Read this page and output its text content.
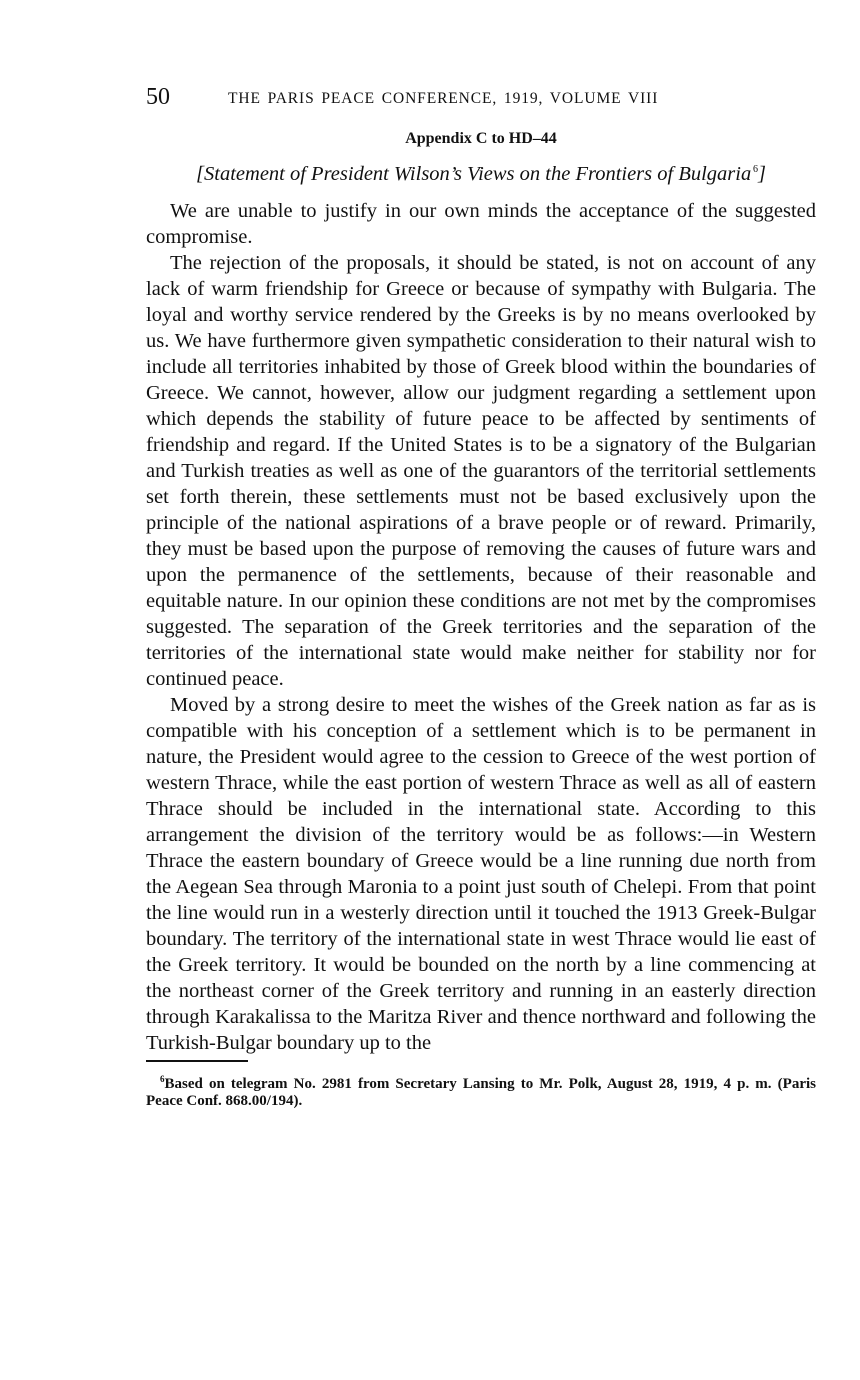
50	THE PARIS PEACE CONFERENCE, 1919, VOLUME VIII
Appendix C to HD–44
[Statement of President Wilson’s Views on the Frontiers of Bulgaria  $^6$]

We are unable to justify in our own minds the acceptance of the suggested compromise.

The rejection of the proposals, it should be stated, is not on account of any lack of warm friendship for Greece or because of sympathy with Bulgaria. The loyal and worthy service rendered by the Greeks is by no means overlooked by us. We have furthermore given sympathetic consideration to their natural wish to include all territories inhabited by those of Greek blood within the boundaries of Greece. We cannot, however, allow our judgment regarding a settlement upon which depends the stability of future peace to be affected by sentiments of friendship and regard. If the United States is to be a signatory of the Bulgarian and Turkish treaties as well as one of the guarantors of the territorial settlements set forth therein, these settlements must not be based exclusively upon the principle of the national aspirations of a brave people or of reward. Primarily, they must be based upon the purpose of removing the causes of future wars and upon the permanence of the settlements, because of their reasonable and equitable nature. In our opinion these conditions are not met by the compromises suggested. The separation of the Greek territories and the separation of the territories of the international state would make neither for stability nor for continued peace.

Moved by a strong desire to meet the wishes of the Greek nation as far as is compatible with his conception of a settlement which is to be permanent in nature, the President would agree to the cession to Greece of the west portion of western Thrace, while the east portion of western Thrace as well as all of eastern Thrace should be included in the international state. According to this arrangement the division of the territory would be as follows:—in Western Thrace the eastern boundary of Greece would be a line running due north from the Aegean Sea through Maronia to a point just south of Chelepi. From that point the line would run in a westerly direction until it touched the 1913 Greek-Bulgar boundary. The territory of the international state in west Thrace would lie east of the Greek territory. It would be bounded on the north by a line commencing at the northeast corner of the Greek territory and running in an easterly direction through Karakalissa to the Maritza River and thence northward and following the Turkish-Bulgar boundary up to the

$^6$Based on telegram No. 2981 from Secretary Lansing to Mr. Polk, August 28, 1919, 4 p. m. (Paris Peace Conf. 868.00/194).
